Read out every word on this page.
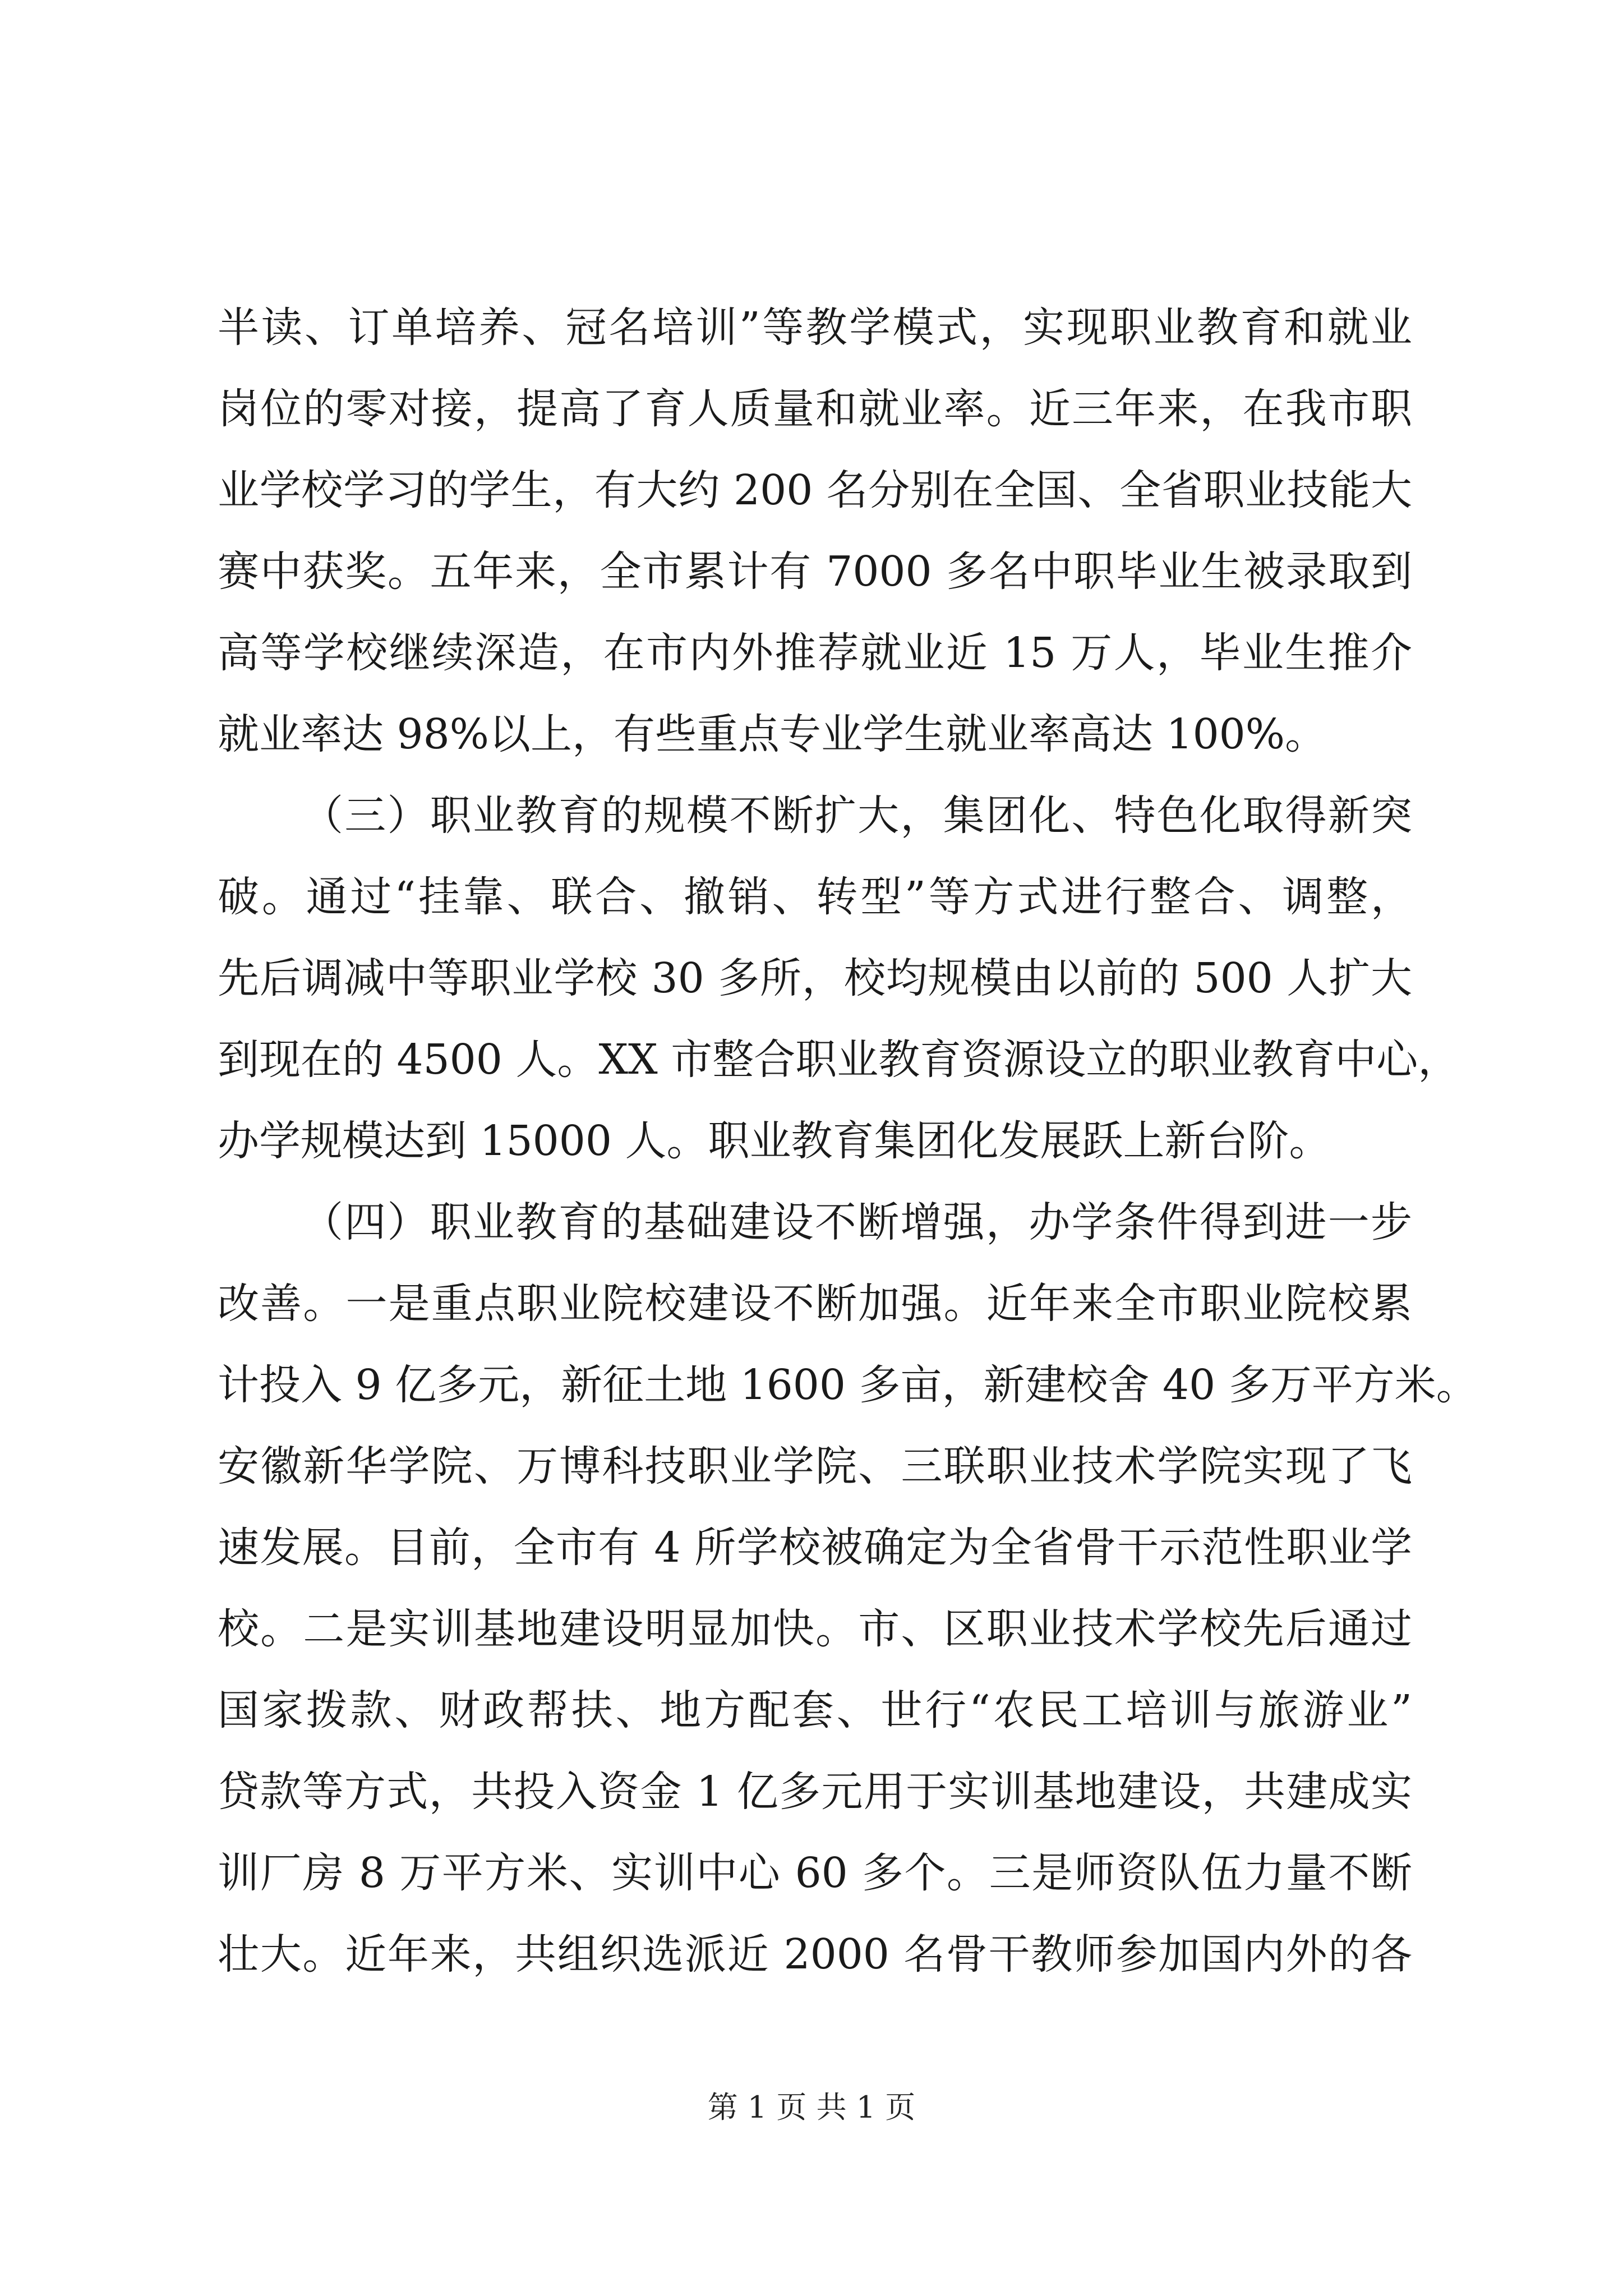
半读、订单培养、冠名培训”等教学模式，实现职业教育和就业
岗位的零对接，提高了育人质量和就业率。近三年来，在我市职
业学校学习的学生，有大约 200 名分别在全国、全省职业技能大
赛中获奖。五年来，全市累计有 7000 多名中职毕业生被录取到
高等学校继续深造，在市内外推荐就业近 15 万人，毕业生推介
就业率达 98%以上，有些重点专业学生就业率高达 100%。
（三）职业教育的规模不断扩大，集团化、特色化取得新突
破。通过“挂靠、联合、撤销、转型”等方式进行整合、调整，
先后调减中等职业学校 30 多所，校均规模由以前的 500 人扩大
到现在的 4500 人。XX 市整合职业教育资源设立的职业教育中心，
办学规模达到 15000 人。职业教育集团化发展跃上新台阶。
（四）职业教育的基础建设不断增强，办学条件得到进一步
改善。一是重点职业院校建设不断加强。近年来全市职业院校累
计投入 9 亿多元，新征土地 1600 多亩，新建校舍 40 多万平方米。
安徽新华学院、万博科技职业学院、三联职业技术学院实现了飞
速发展。目前，全市有 4 所学校被确定为全省骨干示范性职业学
校。二是实训基地建设明显加快。市、区职业技术学校先后通过
国家拨款、财政帮扶、地方配套、世行“农民工培训与旅游业”
贷款等方式，共投入资金 1 亿多元用于实训基地建设，共建成实
训厂房 8 万平方米、实训中心 60 多个。三是师资队伍力量不断
壮大。近年来，共组织选派近 2000 名骨干教师参加国内外的各
第 1 页 共 1 页
